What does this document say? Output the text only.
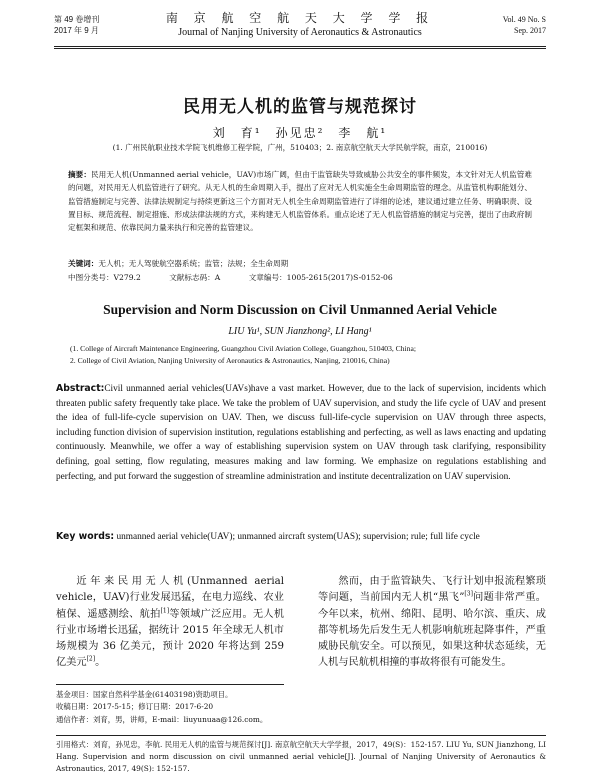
第 49 卷增刊
2017 年 9 月
南 京 航 空 航 天 大 学 学 报
Journal of Nanjing University of Aeronautics & Astronautics
Vol. 49 No. S
Sep. 2017
民用无人机的监管与规范探讨
刘　育¹　孙见忠²　李　航¹
(1. 广州民航职业技术学院飞机维修工程学院，广州，510403；2. 南京航空航天大学民航学院，南京，210016)
摘要：民用无人机(Unmanned aerial vehicle，UAV)市场广阔，但由于监管缺失导致威胁公共安全的事件频发，本文针对无人机监管难的问题，对民用无人机监管进行了研究。从无人机的生命周期入手，提出了应对无人机实施全生命周期监管的理念。从监管机构职能划分、监管措施制定与完善、法律法规制定与持续更新这三个方面对无人机全生命周期监管进行了详细的论述，建议通过建立任务、明确职责、设置目标、规范流程、制定措施、形成法律法规的方式，来构建无人机监管体系。重点论述了无人机监管措施的制定与完善，提出了由政府制定框架和规范、依靠民间力量来执行和完善的监管建议。
关键词：无人机；无人驾驶航空器系统；监管；法规；全生命周期
中图分类号：V279.2	文献标志码：A	文章编号：1005-2615(2017)S-0152-06
Supervision and Norm Discussion on Civil Unmanned Aerial Vehicle
LIU Yu¹, SUN Jianzhong², LI Hang¹
(1. College of Aircraft Maintenance Engineering, Guangzhou Civil Aviation College, Guangzhou, 510403, China;
2. College of Civil Aviation, Nanjing University of Aeronautics & Astronautics, Nanjing, 210016, China)
Abstract:Civil unmanned aerial vehicles(UAVs)have a vast market. However, due to the lack of supervision, incidents which threaten public safety frequently take place. We take the problem of UAV supervision, and study the life cycle of UAV and present the idea of full-life-cycle supervision on UAV. Then, we discuss full-life-cycle supervision on UAV through three aspects, including function division of supervision institution, regulations establishing and perfecting, as well as laws enacting and updating continuously. Meanwhile, we offer a way of establishing supervision system on UAV through task clarifying, responsibility defining, goal setting, flow regulating, measures making and law forming. We emphasize on regulations establishing and perfecting, and put forward the suggestion of streamline administration and institute decentralization on UAV supervision.
Key words: unmanned aerial vehicle(UAV); unmanned aircraft system(UAS); supervision; rule; full life cycle
近年来民用无人机(Unmanned aerial vehicle，UAV)行业发展迅猛，在电力巡线、农业植保、遥感测绘、航拍[1]等领域广泛应用。无人机行业市场增长迅猛，据统计 2015 年全球无人机市场规模为 36 亿美元，预计 2020 年将达到 259 亿美元[2]。
然而，由于监管缺失、飞行计划申报流程繁琐等问题，当前国内无人机“黑飞”[3]问题非常严重。今年以来，杭州、绵阳、昆明、哈尔滨、重庆、成都等机场先后发生无人机影响航班起降事件，严重威胁民航安全。可以预见，如果这种状态延续，无人机与民航机相撞的事故将很有可能发生。
基金项目：国家自然科学基金(61403198)资助项目。
收稿日期：2017-5-15；修订日期：2017-6-20
通信作者：刘育，男，讲师，E-mail：liuyunuaa@126.com。
引用格式：刘育，孙见忠，李航. 民用无人机的监管与规范探讨[J]. 南京航空航天大学学报，2017，49(S)：152-157. LIU Yu, SUN Jianzhong, LI Hang. Supervision and norm discussion on civil unmanned aerial vehicle[J]. Journal of Nanjing University of Aeronautics & Astronautics, 2017, 49(S): 152-157.
